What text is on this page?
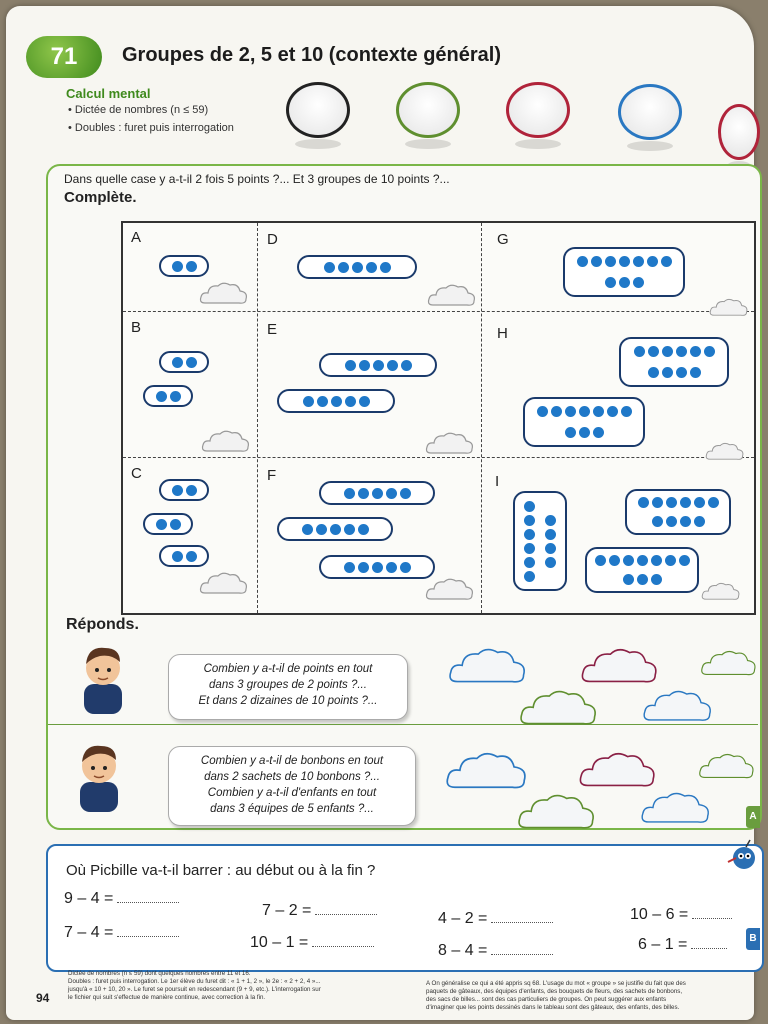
71	Groupes de 2, 5 et 10 (contexte général)
Calcul mental
• Dictée de nombres (n ≤ 59)
• Doubles : furet puis interrogation
Dans quelle case y a-t-il 2 fois 5 points ?... Et 3 groupes de 10 points ?...
Complète.
A
B
C
D
E
F
G
H
I
Réponds.
Combien y a-t-il de points en tout
dans 3 groupes de 2 points ?...
Et dans 2 dizaines de 10 points ?...
Combien y a-t-il de bonbons en tout
dans 2 sachets de 10 bonbons ?...
Combien y a-t-il d'enfants en tout
dans 3 équipes de 5 enfants ?...
A
Où Picbille va-t-il barrer : au début ou à la fin ?
9 – 4 =
7 – 4 =
7 – 2 =
10 – 1 =
4 – 2 =
8 – 4 =
10 – 6 =
6 – 1 =	B
94
Dictée de nombres (n ≤ 59) dont quelques nombres entre 11 et 16.
Doubles : furet puis interrogation. Le 1er élève du furet dit : « 1 + 1, 2 », le 2e : « 2 + 2, 4 »...
jusqu'à « 10 + 10, 20 ». Le furet se poursuit en redescendant (9 + 9, etc.). L'interrogation sur
le fichier qui suit s'effectue de manière continue, avec correction à la fin.
A On généralise ce qui a été appris sq 68. L'usage du mot « groupe » se justifie du fait que des
paquets de gâteaux, des équipes d'enfants, des bouquets de fleurs, des sachets de bonbons,
des sacs de billes... sont des cas particuliers de groupes. On peut suggérer aux enfants
d'imaginer que les points dessinés dans le tableau sont des gâteaux, des enfants, des billes.
